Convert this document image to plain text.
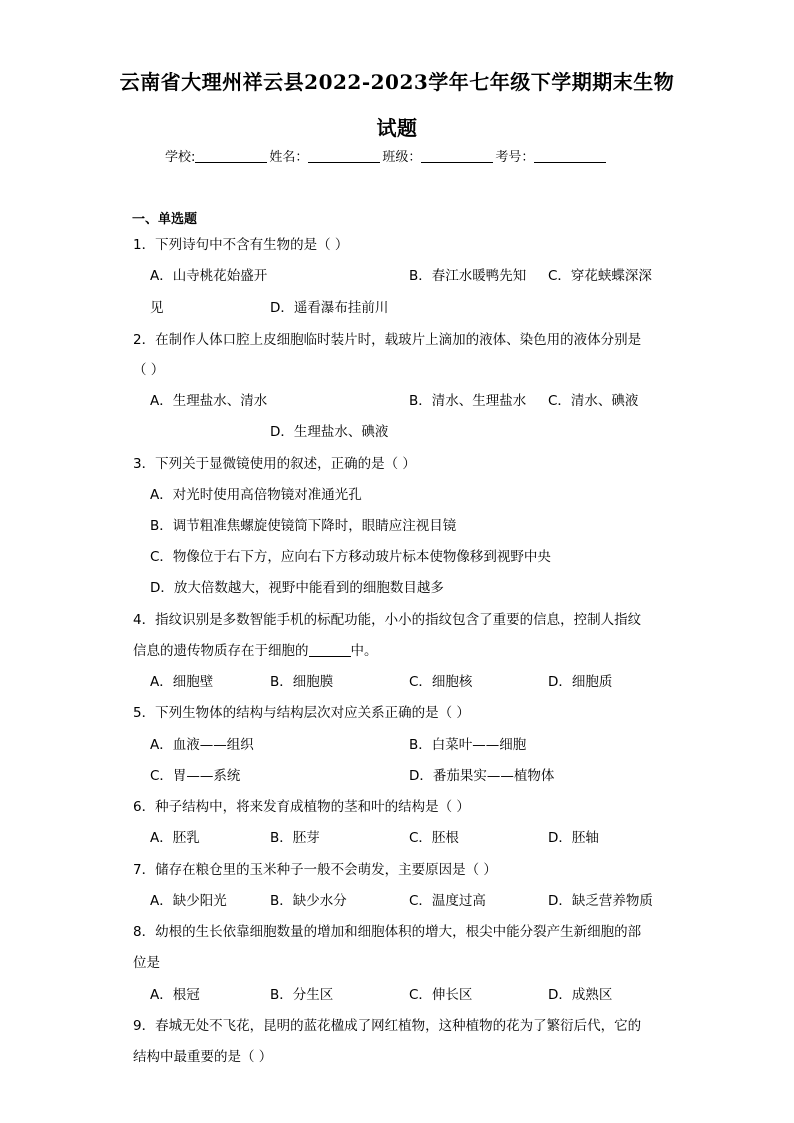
云南省大理州祥云县2022-2023学年七年级下学期期末生物
试题
学校:	姓名：	班级：	考号：
一、单选题
1．下列诗句中不含有生物的是（ ）
A．山寺桃花始盛开	B．春江水暖鸭先知 C．穿花蛱蝶深深
见	D．遥看瀑布挂前川
2．在制作人体口腔上皮细胞临时装片时，载玻片上滴加的液体、染色用的液体分别是
（ ）
A．生理盐水、清水	B．清水、生理盐水 C．清水、碘液
D．生理盐水、碘液
3．下列关于显微镜使用的叙述，正确的是（ ）
A．对光时使用高倍物镜对准通光孔
B．调节粗准焦螺旋使镜筒下降时，眼睛应注视目镜
C．物像位于右下方，应向右下方移动玻片标本使物像移到视野中央
D．放大倍数越大，视野中能看到的细胞数目越多
4．指纹识别是多数智能手机的标配功能，小小的指纹包含了重要的信息，控制人指纹
信息的遗传物质存在于细胞的	中。
A．细胞壁	B．细胞膜	C．细胞核	D．细胞质
5．下列生物体的结构与结构层次对应关系正确的是（ ）
A．血液——组织	B．白菜叶——细胞
C．胃——系统	D．番茄果实——植物体
6．种子结构中，将来发育成植物的茎和叶的结构是（ ）
A．胚乳	B．胚芽	C．胚根	D．胚轴
7．储存在粮仓里的玉米种子一般不会萌发，主要原因是（ ）
A．缺少阳光	B．缺少水分	C．温度过高	D．缺乏营养物质
8．幼根的生长依靠细胞数量的增加和细胞体积的增大，根尖中能分裂产生新细胞的部
位是
A．根冠	B．分生区	C．伸长区	D．成熟区
9．春城无处不飞花，昆明的蓝花楹成了网红植物，这种植物的花为了繁衍后代，它的
结构中最重要的是（ ）
